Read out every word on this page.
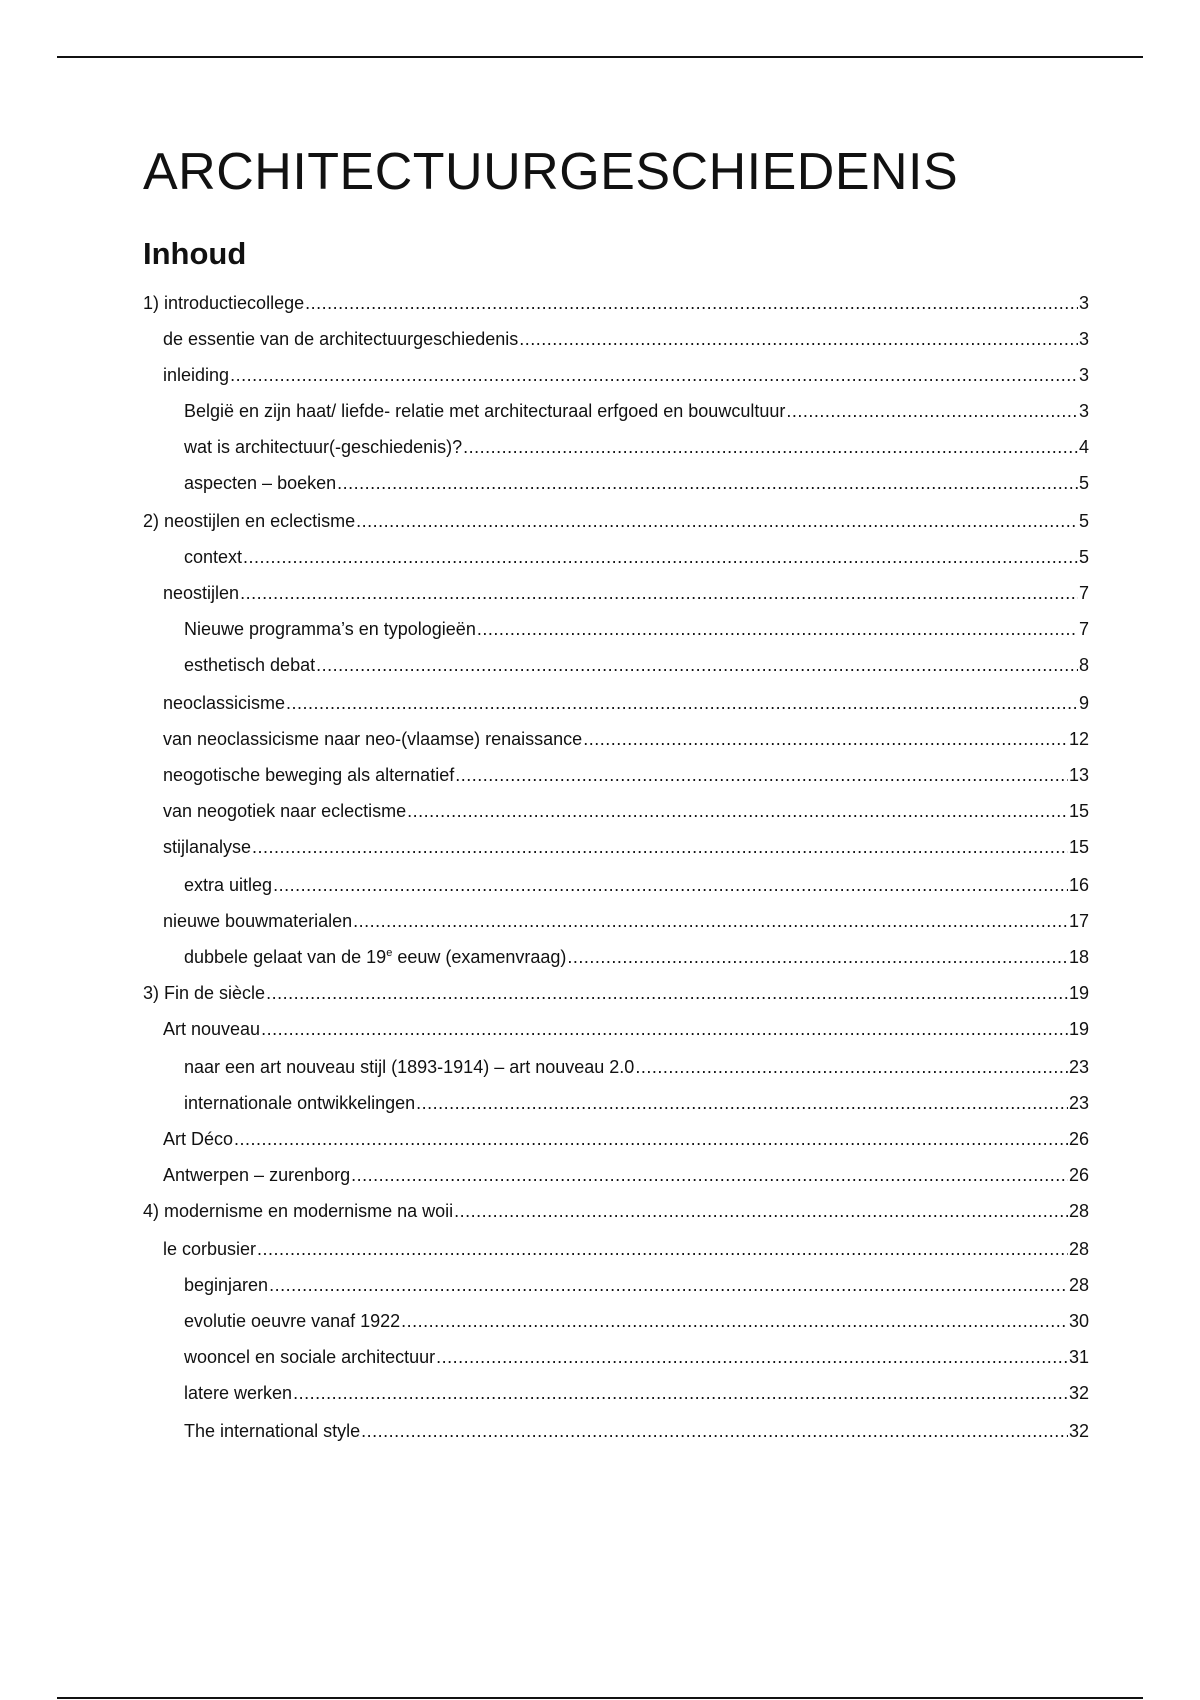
ARCHITECTUURGESCHIEDENIS
Inhoud
1) introductiecollege .....	3
de essentie van de architectuurgeschiedenis .....	3
inleiding .....	3
België en zijn haat/ liefde- relatie met architecturaal erfgoed en bouwcultuur .....	3
wat is architectuur(-geschiedenis)? .....	4
aspecten – boeken .....	5
2) neostijlen en eclectisme .....	5
context .....	5
neostijlen .....	7
Nieuwe programma’s en typologieën .....	7
esthetisch debat .....	8
neoclassicisme .....	9
van neoclassicisme naar neo-(vlaamse) renaissance .....	12
neogotische beweging als alternatief .....	13
van neogotiek naar eclectisme .....	15
stijlanalyse .....	15
extra uitleg .....	16
nieuwe bouwmaterialen .....	17
dubbele gelaat van de 19e eeuw (examenvraag) .....	18
3) Fin de siècle .....	19
Art nouveau .....	19
naar een art nouveau stijl (1893-1914) – art nouveau 2.0 .....	23
internationale ontwikkelingen .....	23
Art Déco .....	26
Antwerpen – zurenborg .....	26
4) modernisme en modernisme na woii .....	28
le corbusier .....	28
beginjaren .....	28
evolutie oeuvre vanaf 1922 .....	30
wooncel en sociale architectuur .....	31
latere werken .....	32
The international style .....	32
